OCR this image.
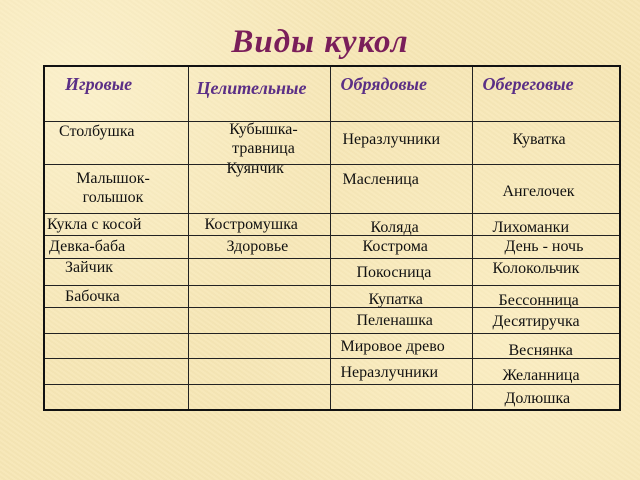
Виды кукол
Игровые	Целительные	Обрядовые	Обереговые

Столбушка	Кубышка-травница	Неразлучники	Куватка

Малышок-голышок	Куянчик	Масленица	Ангелочек

Кукла с косой	Костромушка	Коляда	Лихоманки

Девка-баба	Здоровье	Кострома	День - ночь

Зайчик		Покосница	Колокольчик

Бабочка		Купатка	Бессонница

		Пеленашка	Десятиручка

		Мировое древо	Веснянка

		Неразлучники	Желанница

			Долюшка
